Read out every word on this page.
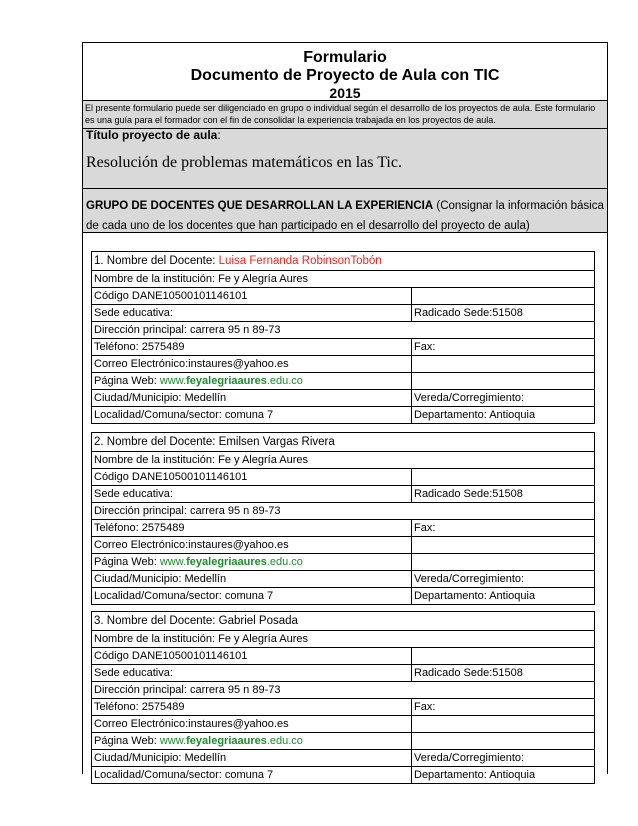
Formulario
Documento de Proyecto de Aula con TIC
2015
El presente formulario puede ser diligenciado en grupo o individual según el desarrollo de los proyectos de aula. Este formulario es una guía para el formador con el fin de consolidar la experiencia trabajada en los proyectos de aula.
Título proyecto de aula:
Resolución de problemas matemáticos en las Tic.
GRUPO DE DOCENTES QUE DESARROLLAN LA EXPERIENCIA (Consignar la información básica de cada uno de los docentes que han participado en el desarrollo del proyecto de aula)
1. Nombre del Docente: Luisa Fernanda RobinsonTobón	
Nombre de la institución: Fe y Alegría Aures	
Código DANE10500101146101	
Sede educativa:	Radicado Sede:51508
Dirección principal: carrera 95 n 89-73	
Teléfono: 2575489	Fax:
Correo Electrónico:instaures@yahoo.es	
Página Web: www.feyalegriaaures.edu.co	
Ciudad/Municipio: Medellín	Vereda/Corregimiento:
Localidad/Comuna/sector: comuna 7	Departamento: Antioquia
2. Nombre del Docente: Emilsen Vargas Rivera	
Nombre de la institución: Fe y Alegría Aures	
Código DANE10500101146101	
Sede educativa:	Radicado Sede:51508
Dirección principal: carrera 95 n 89-73	
Teléfono: 2575489	Fax:
Correo Electrónico:instaures@yahoo.es	
Página Web: www.feyalegriaaures.edu.co	
Ciudad/Municipio: Medellín	Vereda/Corregimiento:
Localidad/Comuna/sector: comuna 7	Departamento: Antioquia
3. Nombre del Docente: Gabriel Posada	
Nombre de la institución: Fe y Alegría Aures	
Código DANE10500101146101	
Sede educativa:	Radicado Sede:51508
Dirección principal: carrera 95 n 89-73	
Teléfono: 2575489	Fax:
Correo Electrónico:instaures@yahoo.es	
Página Web: www.feyalegriaaures.edu.co	
Ciudad/Municipio: Medellín	Vereda/Corregimiento:
Localidad/Comuna/sector: comuna 7	Departamento: Antioquia
